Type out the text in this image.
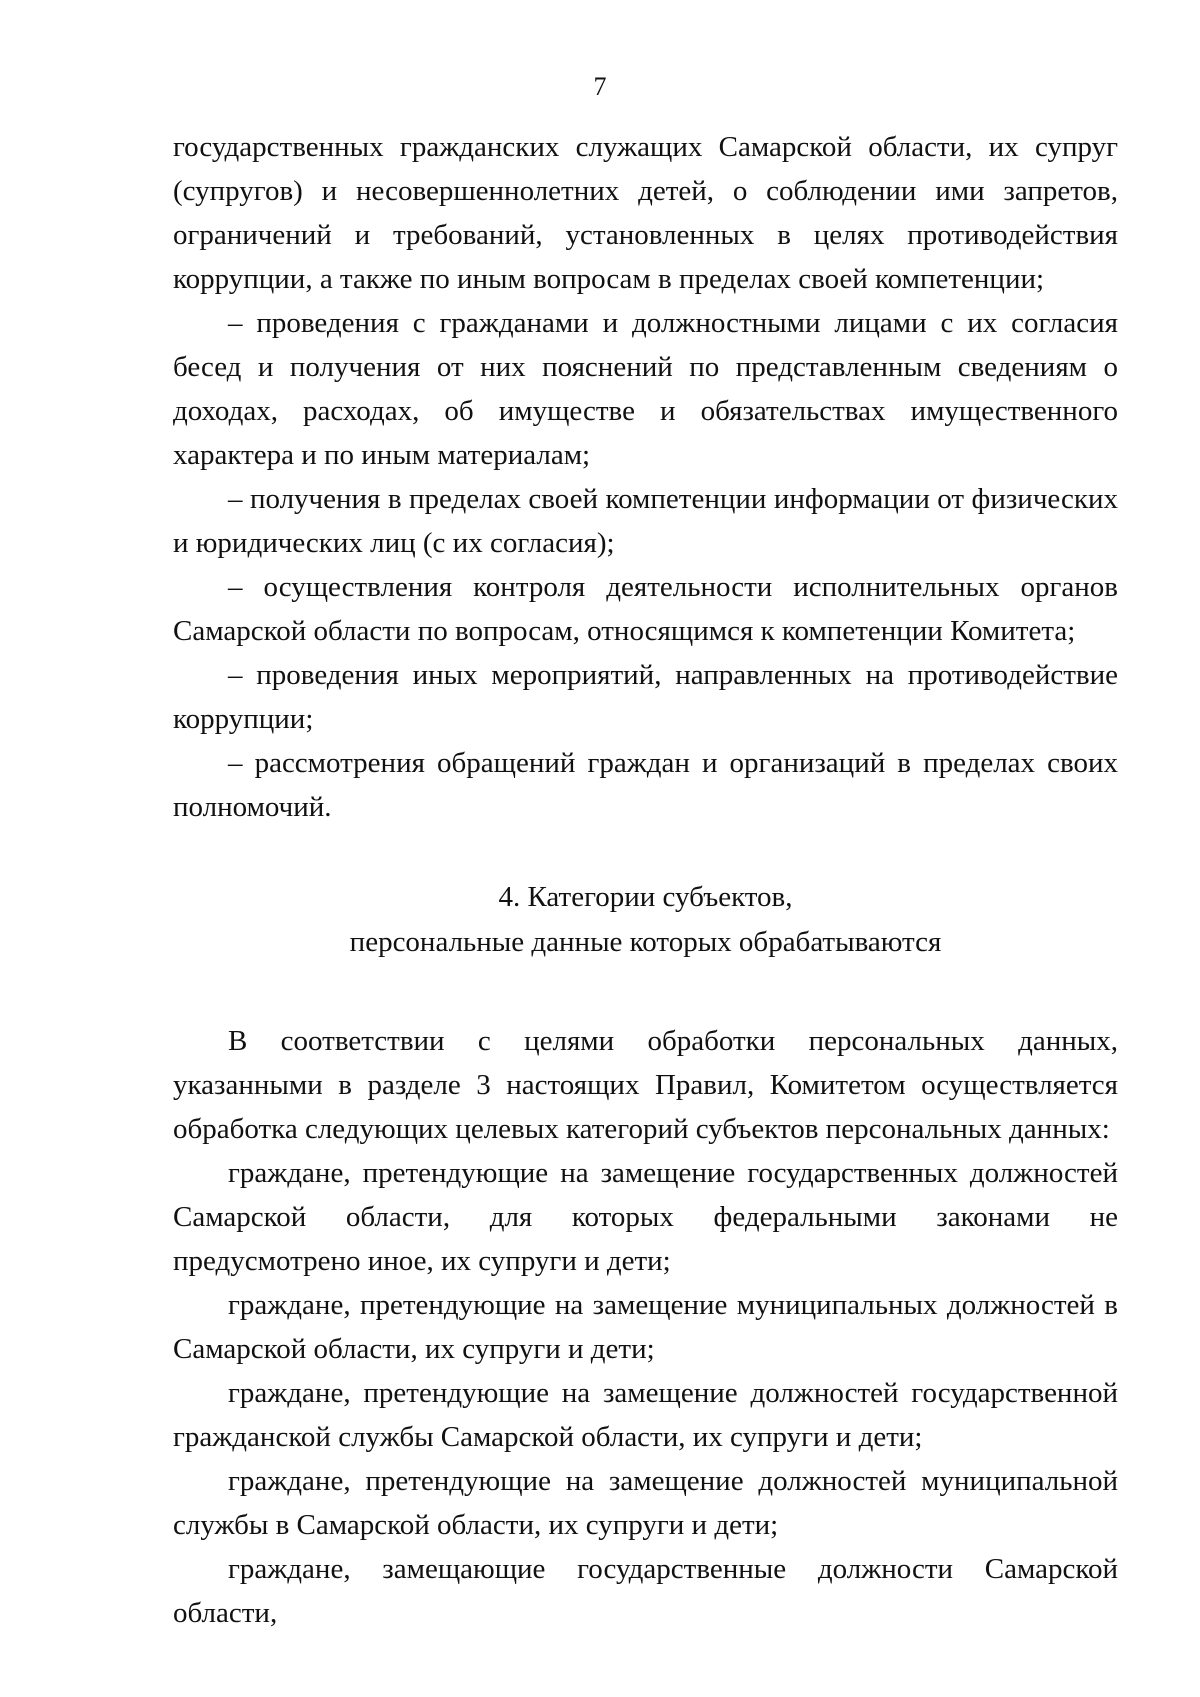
7

государственных гражданских служащих Самарской области, их супруг (супругов) и несовершеннолетних детей, о соблюдении ими запретов, ограничений и требований, установленных в целях противодействия коррупции, а также по иным вопросам в пределах своей компетенции;

– проведения с гражданами и должностными лицами с их согласия бесед и получения от них пояснений по представленным сведениям о доходах, расходах, об имуществе и обязательствах имущественного характера и по иным материалам;

– получения в пределах своей компетенции информации от физических и юридических лиц (с их согласия);

– осуществления контроля деятельности исполнительных органов Самарской области по вопросам, относящимся к компетенции Комитета;

– проведения иных мероприятий, направленных на противодействие коррупции;

– рассмотрения обращений граждан и организаций в пределах своих полномочий.

4. Категории субъектов,
персональные данные которых обрабатываются

В соответствии с целями обработки персональных данных, указанными в разделе 3 настоящих Правил, Комитетом осуществляется обработка следующих целевых категорий субъектов персональных данных:

граждане, претендующие на замещение государственных должностей Самарской области, для которых федеральными законами не предусмотрено иное, их супруги и дети;

граждане, претендующие на замещение муниципальных должностей в Самарской области, их супруги и дети;

граждане, претендующие на замещение должностей государственной гражданской службы Самарской области, их супруги и дети;

граждане, претендующие на замещение должностей муниципальной службы в Самарской области, их супруги и дети;

граждане, замещающие государственные должности Самарской области,
